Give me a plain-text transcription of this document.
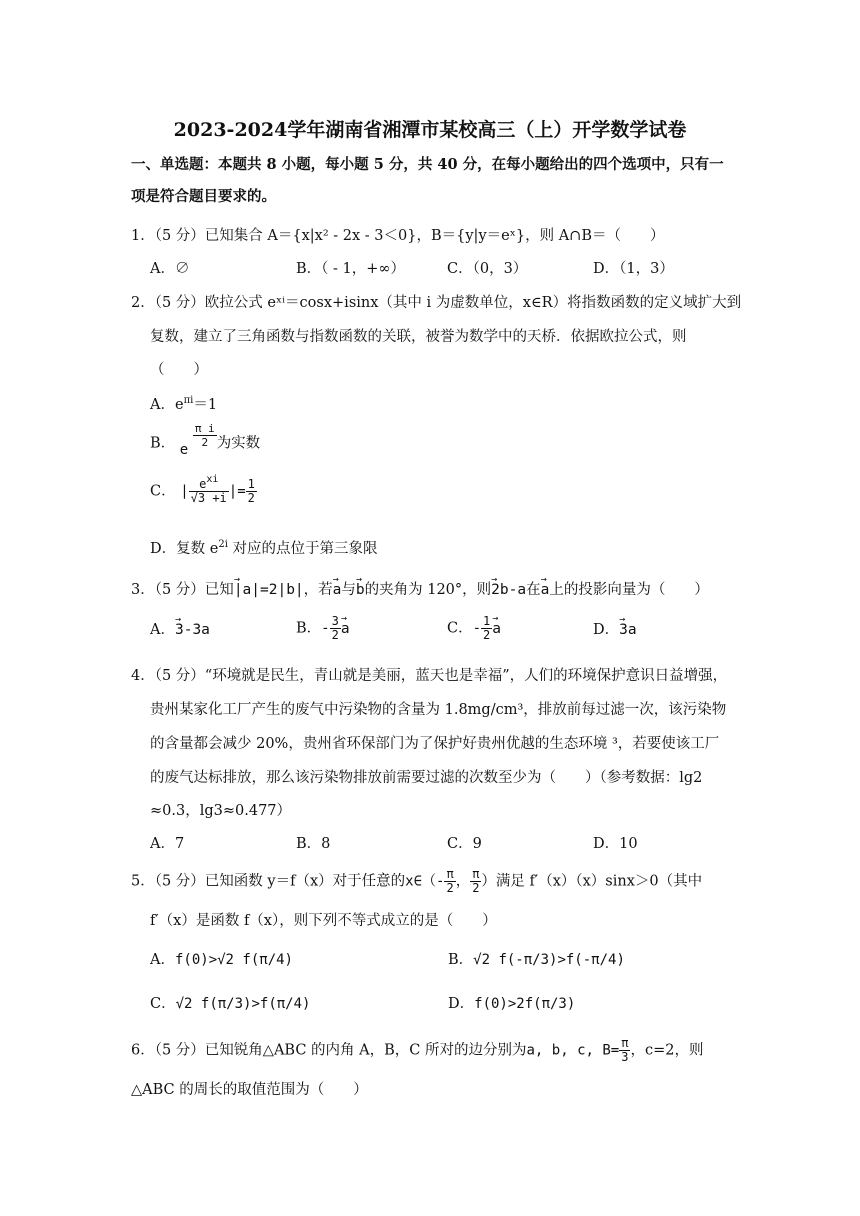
2023-2024学年湖南省湘潭市某校高三（上）开学数学试卷
一、单选题：本题共 8 小题，每小题 5 分，共 40 分，在每小题给出的四个选项中，只有一
项是符合题目要求的。
1．（5 分）已知集合 A＝{x|x² - 2x - 3＜0}，B＝{y|y＝eˣ}，则 A∩B＝（　　）
A．∅	B．（ - 1，+∞）	C．（0，3）	D．（1，3）
2．（5 分）欧拉公式 eˣⁱ＝cosx+isinx（其中 i 为虚数单位，x∈R）将指数函数的定义域扩大到
复数，建立了三角函数与指数函数的关联，被誉为数学中的天桥．依据欧拉公式，则
（　　）
A．$e^{\pi i}=1$
B． e
$\frac{\text{π i}}{2}$ 为实数
C． | $\frac{e^{xi}}{√3 +i}$ |= $\frac{1}{2}$
D．复数 $e^{2i}$ 对应的点位于第三象限
3．（5 分）已知→ |a|=2|b|，若→ a与→ b的夹角为 120°，则→ 2b-a在→ a上的投影向量为（　　）
A．→ 3-3a	B．- $\frac{3}{2}$
→ a	C．- $\frac{1}{2}$
→ a	D．→ 3a
4．（5 分）“环境就是民生，青山就是美丽，蓝天也是幸福”，人们的环境保护意识日益增强，
贵州某家化工厂产生的废气中污染物的含量为 1.8mg/cm³，排放前每过滤一次，该污染物
的含量都会减少 20%，贵州省环保部门为了保护好贵州优越的生态环境 ³，若要使该工厂
的废气达标排放，那么该污染物排放前需要过滤的次数至少为（　　）（参考数据：lg2
≈0.3，lg3≈0.477）
A．7	B．8	C．9	D．10
5．（5 分）已知函数 y＝f（x）对于任意的x∈（- $\frac{\pi}{2}$ ， $\frac{\pi}{2}$ ）满足 f′（x）（x）sinx＞0（其中
f′（x）是函数 f（x），则下列不等式成立的是（　　）
A．f(0)>√2 f(π/4)	B．√2 f(-π/3)>f(-π/4)
C．√2 f(π/3)>f(π/4)	D．f(0)>2f(π/3)
6．（5 分）已知锐角△ABC 的内角 A，B，C 所对的边分别为a, b, c, $B= \frac{\pi}{3}$ ，c=2，则
△ABC 的周长的取值范围为（　　）
